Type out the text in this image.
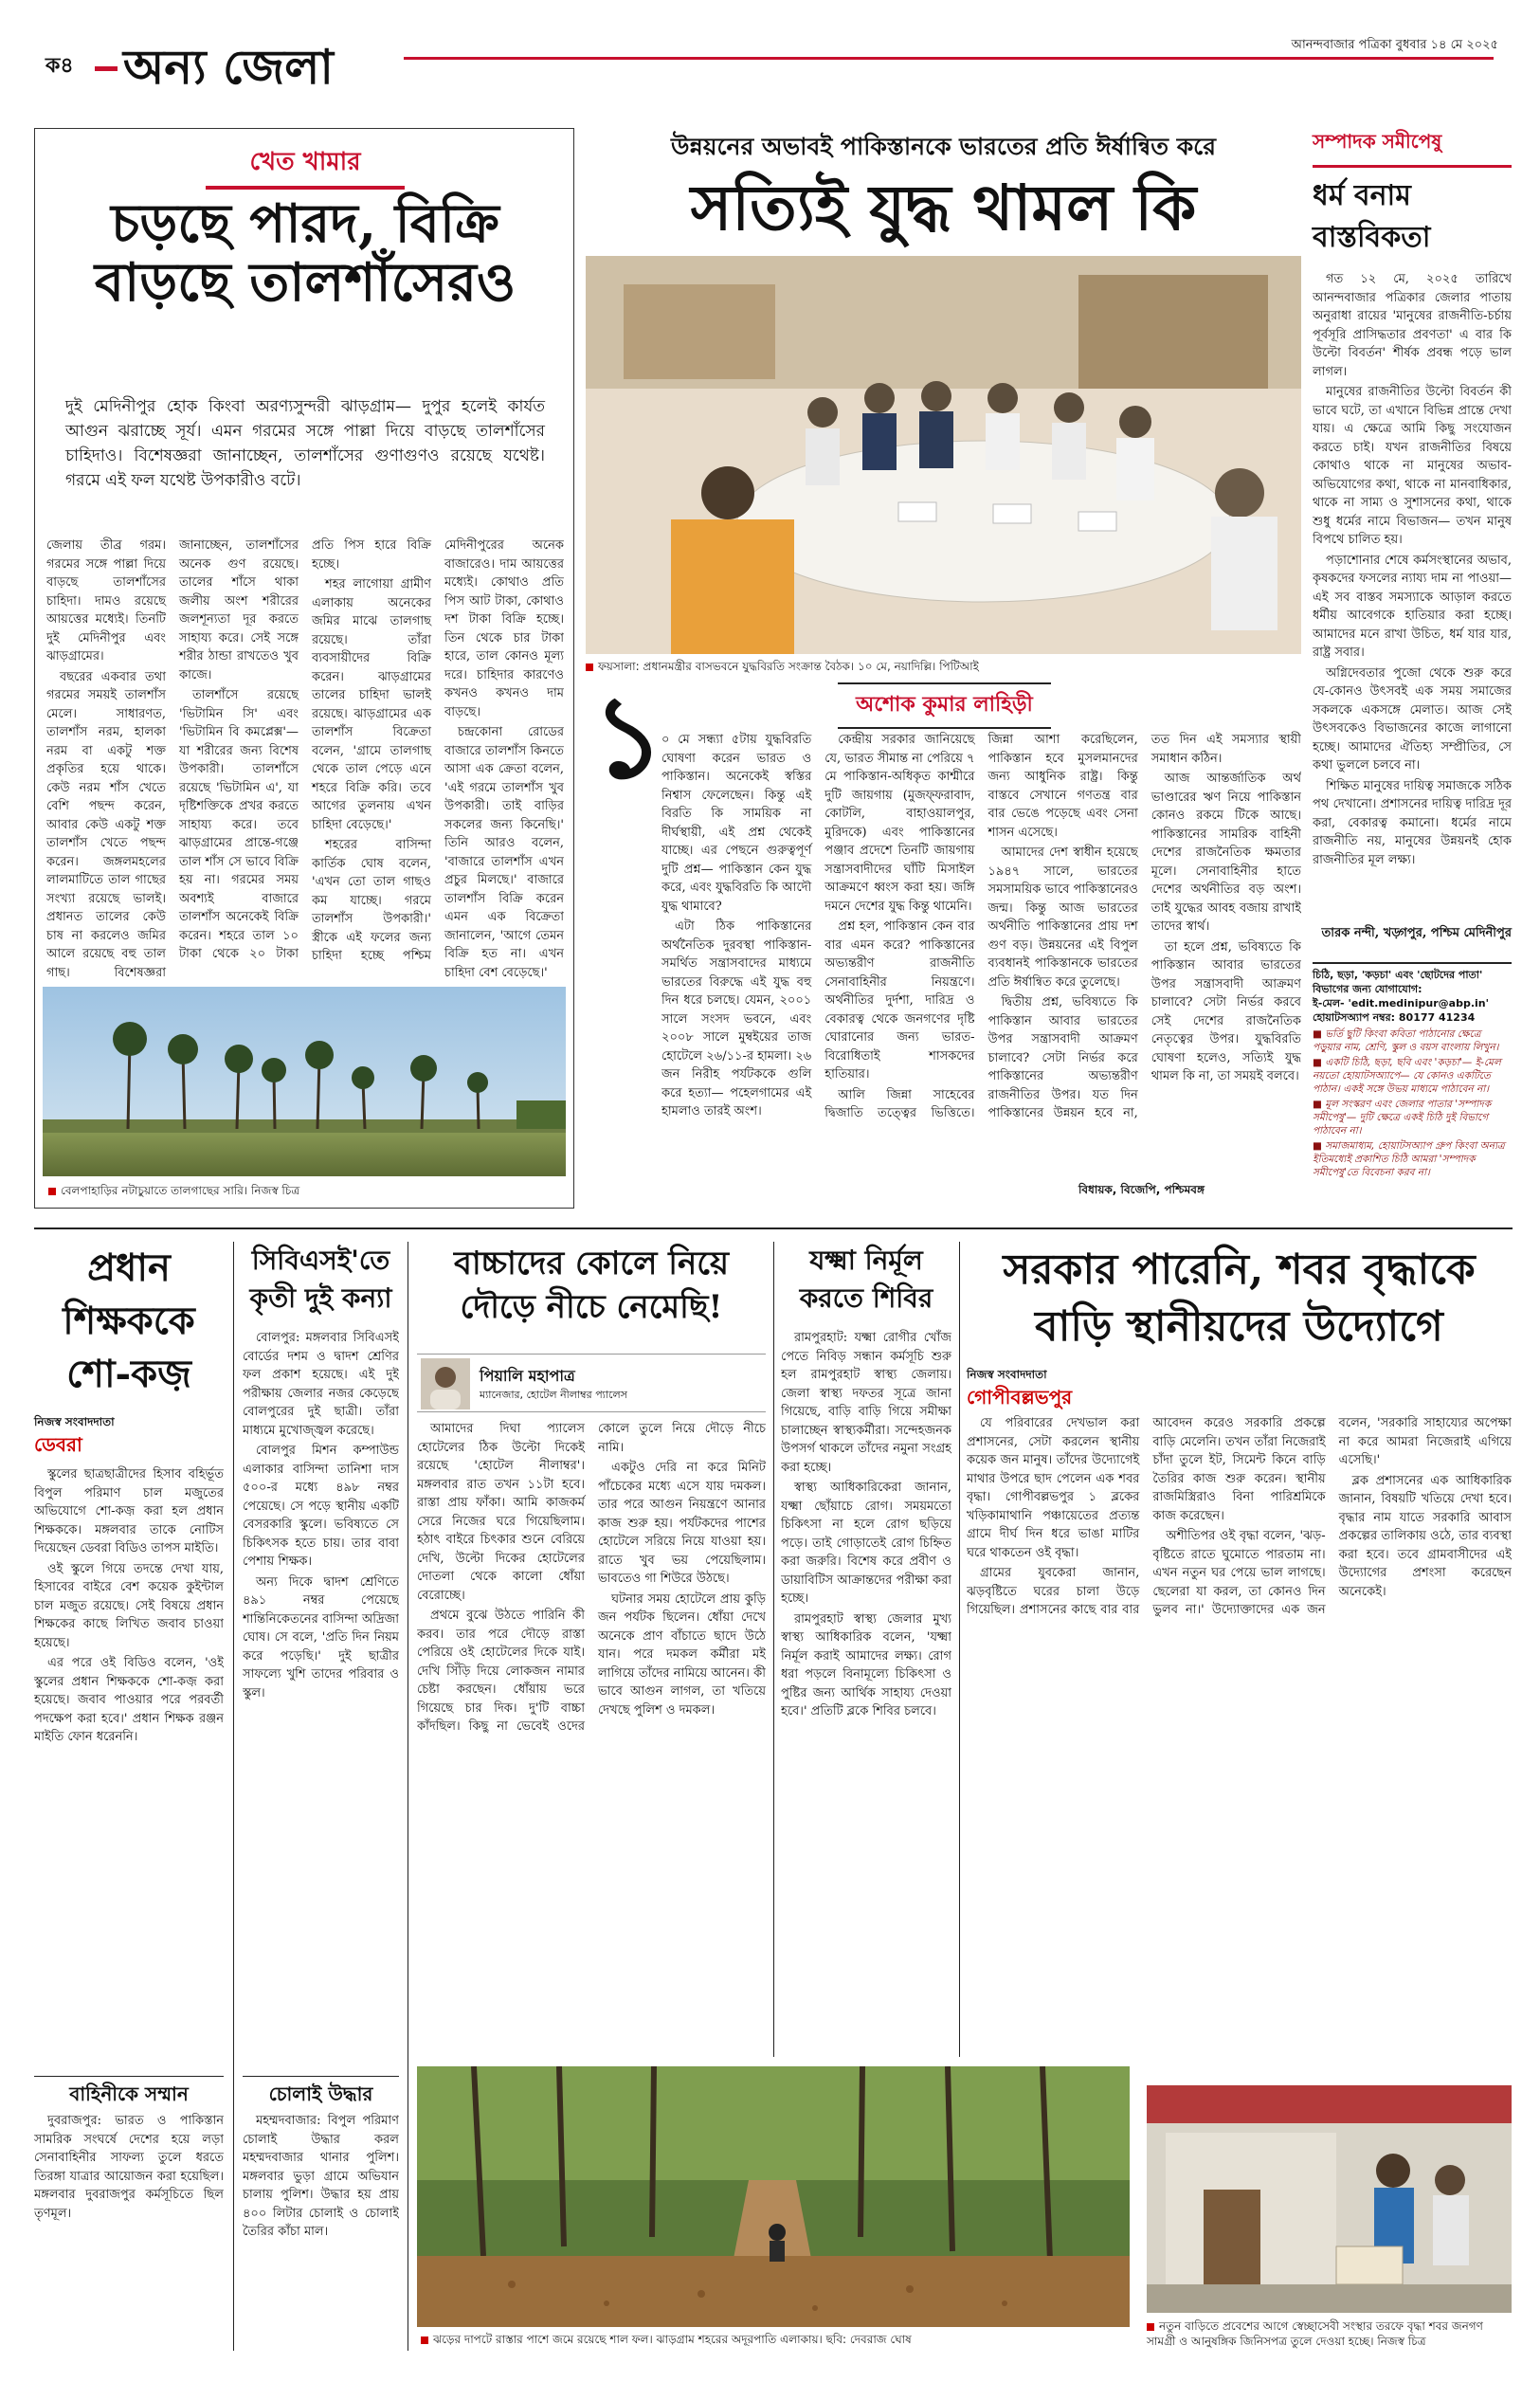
ক৪ অন্য জেলা	আনন্দবাজার পত্রিকা বুধবার ১৪ মে ২০২৫
খেত খামার
চড়ছে পারদ, বিক্রি বাড়ছে তালশাঁসেরও
দুই মেদিনীপুর হোক কিংবা অরণ্যসুন্দরী ঝাড়গ্রাম— দুপুর হলেই কার্যত আগুন ঝরাচ্ছে সূর্য। এমন গরমের সঙ্গে পাল্লা দিয়ে বাড়ছে তালশাঁসের চাহিদাও। বিশেষজ্ঞরা জানাচ্ছেন, তালশাঁসের গুণাগুণও রয়েছে যথেষ্ট। গরমে এই ফল যথেষ্ট উপকারীও বটে।

জেলায় তীব্র গরম। গরমের সঙ্গে পাল্লা দিয়ে বাড়ছে তালশাঁসের চাহিদা। দামও রয়েছে আয়ত্তের মধ্যেই। তিনটি দুই মেদিনীপুর এবং ঝাড়গ্রামের।

বছরের একবার তথা গরমের সময়ই তালশাঁস মেলে। সাধারণত, তালশাঁস নরম, হালকা নরম বা একটু শক্ত প্রকৃতির হয়ে থাকে। কেউ নরম শাঁস খেতে বেশি পছন্দ করেন, আবার কেউ একটু শক্ত তালশাঁস খেতে পছন্দ করেন। জঙ্গলমহলের লালমাটিতে তাল গাছের সংখ্যা রয়েছে ভালই। প্রধানত তালের কেউ চাষ না করলেও জমির আলে রয়েছে বহু তাল গাছ। বিশেষজ্ঞরা জানাচ্ছেন, তালশাঁসের অনেক গুণ রয়েছে। তালের শাঁসে থাকা জলীয় অংশ শরীরের জলশূন্যতা দূর করতে সাহায্য করে। সেই সঙ্গে শরীর ঠান্ডা রাখতেও খুব কাজে।

তালশাঁসে রয়েছে 'ভিটামিন সি' এবং 'ভিটামিন বি কমপ্লেক্স'— যা শরীরের জন্য বিশেষ উপকারী। তালশাঁসে রয়েছে 'ভিটামিন এ', যা দৃষ্টিশক্তিকে প্রখর করতে সাহায্য করে। তবে ঝাড়গ্রামের প্রান্তে-গঞ্জে তাল শাঁস সে ভাবে বিক্রি হয় না। গরমের সময় অবশ্যই বাজারে তালশাঁস অনেকেই বিক্রি করেন। শহরে তাল ১০ টাকা থেকে ২০ টাকা প্রতি পিস হারে বিক্রি হচ্ছে।

শহর লাগোয়া গ্রামীণ এলাকায় অনেকের জমির মাঝে তালগাছ রয়েছে। তাঁরা ব্যবসায়ীদের বিক্রি করেন। ঝাড়গ্রামের তালের চাহিদা ভালই রয়েছে। ঝাড়গ্রামের এক তালশাঁস বিক্রেতা বলেন, 'গ্রামে তালগাছ থেকে তাল পেড়ে এনে শহরে বিক্রি করি। তবে আগের তুলনায় এখন চাহিদা বেড়েছে।'

শহরের বাসিন্দা কার্তিক ঘোষ বলেন, 'এখন তো তাল গাছও কম যাচ্ছে। গরমে তালশাঁস উপকারী।' স্ত্রীকে এই ফলের জন্য চাহিদা হচ্ছে পশ্চিম মেদিনীপুরের অনেক বাজারেও। দাম আয়ত্তের মধ্যেই। কোথাও প্রতি পিস আট টাকা, কোথাও দশ টাকা বিক্রি হচ্ছে। তিন থেকে চার টাকা হারে, তাল কোনও মূল্য দরে। চাহিদার কারণেও কখনও কখনও দাম বাড়ছে।

চন্দ্রকোনা রোডের বাজারে তালশাঁস কিনতে আসা এক ক্রেতা বলেন, 'এই গরমে তালশাঁস খুব উপকারী। তাই বাড়ির সকলের জন্য কিনেছি।' তিনি আরও বলেন, 'বাজারে তালশাঁস এখন প্রচুর মিলছে।' বাজারে তালশাঁস বিক্রি করেন এমন এক বিক্রেতা জানালেন, 'আগে তেমন বিক্রি হত না। এখন চাহিদা বেশ বেড়েছে।'

বেলপাহাড়ির নটাচুয়াতে তালগাছের সারি। নিজস্ব চিত্র
উন্নয়নের অভাবই পাকিস্তানকে ভারতের প্রতি ঈর্ষান্বিত করে
সত্যিই যুদ্ধ থামল কি
ফয়সালা: প্রধানমন্ত্রীর বাসভবনে যুদ্ধবিরতি সংক্রান্ত বৈঠক। ১০ মে, নয়াদিল্লি। পিটিআই
১	অশোক কুমার লাহিড়ী

০ মে সন্ধ্যা ৫টায় যুদ্ধবিরতি ঘোষণা করেন ভারত ও পাকিস্তান। অনেকেই স্বস্তির নিশ্বাস ফেলেছেন। কিন্তু এই বিরতি কি সাময়িক না দীর্ঘস্থায়ী, এই প্রশ্ন থেকেই যাচ্ছে। এর পেছনে গুরুত্বপূর্ণ দুটি প্রশ্ন— পাকিস্তান কেন যুদ্ধ করে, এবং যুদ্ধবিরতি কি আদৌ যুদ্ধ থামাবে?

এটা ঠিক পাকিস্তানের অর্থনৈতিক দুরবস্থা পাকিস্তান-সমর্থিত সন্ত্রাসবাদের মাধ্যমে ভারতের বিরুদ্ধে এই যুদ্ধ বহু দিন ধরে চলছে। যেমন, ২০০১ সালে সংসদ ভবনে, এবং ২০০৮ সালে মুম্বইয়ের তাজ হোটেলে ২৬/১১-র হামলা। ২৬ জন নিরীহ পর্যটককে গুলি করে হত্যা— পহেলগামের এই হামলাও তারই অংশ।

কেন্দ্রীয় সরকার জানিয়েছে যে, ভারত সীমান্ত না পেরিয়ে ৭ মে পাকিস্তান-অধিকৃত কাশ্মীরে দুটি জায়গায় (মুজফ্‌ফরাবাদ, কোটলি, বাহাওয়ালপুর, মুরিদকে) এবং পাকিস্তানের পঞ্জাব প্রদেশে তিনটি জায়গায় সন্ত্রাসবাদীদের ঘাঁটি মিসাইল আক্রমণে ধ্বংস করা হয়। জঙ্গি দমনে দেশের যুদ্ধ কিন্তু থামেনি।

প্রশ্ন হল, পাকিস্তান কেন বার বার এমন করে? পাকিস্তানের অভ্যন্তরীণ রাজনীতি সেনাবাহিনীর নিয়ন্ত্রণে। অর্থনীতির দুর্দশা, দারিদ্র ও বেকারত্ব থেকে জনগণের দৃষ্টি ঘোরানোর জন্য ভারত-বিরোধিতাই শাসকদের হাতিয়ার।

আলি জিন্না সাহেবের দ্বিজাতি তত্ত্বের ভিত্তিতে। জিন্না আশা করেছিলেন, পাকিস্তান হবে মুসলমানদের জন্য আধুনিক রাষ্ট্র। কিন্তু বাস্তবে সেখানে গণতন্ত্র বার বার ভেঙে পড়েছে এবং সেনা শাসন এসেছে।

আমাদের দেশ স্বাধীন হয়েছে ১৯৪৭ সালে, ভারতের সমসাময়িক ভাবে পাকিস্তানেরও জন্ম। কিন্তু আজ ভারতের অর্থনীতি পাকিস্তানের প্রায় দশ গুণ বড়। উন্নয়নের এই বিপুল ব্যবধানই পাকিস্তানকে ভারতের প্রতি ঈর্ষান্বিত করে তুলেছে।

দ্বিতীয় প্রশ্ন, ভবিষ্যতে কি পাকিস্তান আবার ভারতের উপর সন্ত্রাসবাদী আক্রমণ চালাবে? সেটা নির্ভর করে পাকিস্তানের অভ্যন্তরীণ রাজনীতির উপর। যত দিন পাকিস্তানের উন্নয়ন হবে না, তত দিন এই সমস্যার স্থায়ী সমাধান কঠিন।

আজ আন্তর্জাতিক অর্থ ভাণ্ডারের ঋণ নিয়ে পাকিস্তান কোনও রকমে টিকে আছে। পাকিস্তানের সামরিক বাহিনী দেশের রাজনৈতিক ক্ষমতার মূলে। সেনাবাহিনীর হাতে দেশের অর্থনীতির বড় অংশ। তাই যুদ্ধের আবহ বজায় রাখাই তাদের স্বার্থ।

তা হলে প্রশ্ন, ভবিষ্যতে কি পাকিস্তান আবার ভারতের উপর সন্ত্রাসবাদী আক্রমণ চালাবে? সেটা নির্ভর করবে সেই দেশের রাজনৈতিক নেতৃত্বের উপর। যুদ্ধবিরতি ঘোষণা হলেও, সত্যিই যুদ্ধ থামল কি না, তা সময়ই বলবে।

বিধায়ক, বিজেপি, পশ্চিমবঙ্গ
সম্পাদক সমীপেষু
ধর্ম বনাম বাস্তবিকতা

গত ১২ মে, ২০২৫ তারিখে আনন্দবাজার পত্রিকার জেলার পাতায় অনুরাধা রায়ের 'মানুষের রাজনীতি-চর্চায় পূর্বসূরি প্রাসিদ্ধতার প্রবণতা' এ বার কি উল্টো বিবর্তন' শীর্ষক প্রবন্ধ পড়ে ভাল লাগল।

মানুষের রাজনীতির উল্টো বিবর্তন কী ভাবে ঘটে, তা এখানে বিভিন্ন প্রান্তে দেখা যায়। এ ক্ষেত্রে আমি কিছু সংযোজন করতে চাই। যখন রাজনীতির বিষয়ে কোথাও থাকে না মানুষের অভাব-অভিযোগের কথা, থাকে না মানবাধিকার, থাকে না সাম্য ও সুশাসনের কথা, থাকে শুধু ধর্মের নামে বিভাজন— তখন মানুষ বিপথে চালিত হয়।

পড়াশোনার শেষে কর্মসংস্থানের অভাব, কৃষকদের ফসলের ন্যায্য দাম না পাওয়া— এই সব বাস্তব সমস্যাকে আড়াল করতে ধর্মীয় আবেগকে হাতিয়ার করা হচ্ছে। আমাদের মনে রাখা উচিত, ধর্ম যার যার, রাষ্ট্র সবার।

অগ্নিদেবতার পুজো থেকে শুরু করে যে-কোনও উৎসবই এক সময় সমাজের সকলকে একসঙ্গে মেলাত। আজ সেই উৎসবকেও বিভাজনের কাজে লাগানো হচ্ছে। আমাদের ঐতিহ্য সম্প্রীতির, সে কথা ভুললে চলবে না।

শিক্ষিত মানুষের দায়িত্ব সমাজকে সঠিক পথ দেখানো। প্রশাসনের দায়িত্ব দারিদ্র দূর করা, বেকারত্ব কমানো। ধর্মের নামে রাজনীতি নয়, মানুষের উন্নয়নই হোক রাজনীতির মূল লক্ষ্য।

তারক নন্দী, খড়্গপুর, পশ্চিম মেদিনীপুর
চিঠি, ছড়া, 'কড়চা' এবং 'ছোটদের পাতা' বিভাগের জন্য যোগাযোগ:
ই-মেল- 'edit.medinipur@abp.in'
হোয়াটসঅ্যাপ নম্বর: 80177 41234
■ ভর্তি ছুটি কিংবা কবিতা পাঠানোর ক্ষেত্রে পড়ুয়ার নাম, শ্রেণি, স্কুল ও বয়স বাংলায় লিখুন।
■ একটি চিঠি, ছড়া, ছবি এবং 'কড়চা'— ই-মেল নয়তো হোয়াটসঅ্যাপে— যে কোনও একটিতে পাঠান। একই সঙ্গে উভয় মাধ্যমে পাঠাবেন না।
■ মূল সংস্করণ এবং জেলার পাতার 'সম্পাদক সমীপেষু'— দুটি ক্ষেত্রে একই চিঠি দুই বিভাগে পাঠাবেন না।
■ সমাজমাধ্যম, হোয়াটসঅ্যাপ গ্রুপ কিংবা অন্যত্র ইতিমধ্যেই প্রকাশিত চিঠি আমরা 'সম্পাদক সমীপেষু'তে বিবেচনা করব না।
প্রধান শিক্ষককে শো-কজ়
নিজস্ব সংবাদদাতা
ডেবরা

স্কুলের ছাত্রছাত্রীদের হিসাব বহির্ভূত বিপুল পরিমাণ চাল মজুতের অভিযোগে শো-কজ় করা হল প্রধান শিক্ষককে। মঙ্গলবার তাকে নোটিস দিয়েছেন ডেবরা বিডিও তাপস মাইতি।

ওই স্কুলে গিয়ে তদন্তে দেখা যায়, হিসাবের বাইরে বেশ কয়েক কুইন্টাল চাল মজুত রয়েছে। সেই বিষয়ে প্রধান শিক্ষকের কাছে লিখিত জবাব চাওয়া হয়েছে।

এর পরে ওই বিডিও বলেন, 'ওই স্কুলের প্রধান শিক্ষককে শো-কজ় করা হয়েছে। জবাব পাওয়ার পরে পরবর্তী পদক্ষেপ করা হবে।' প্রধান শিক্ষক রঞ্জন মাইতি ফোন ধরেননি।

বাহিনীকে সম্মান

দুবরাজপুর: ভারত ও পাকিস্তান সামরিক সংঘর্ষে দেশের হয়ে লড়া সেনাবাহিনীর সাফল্য তুলে ধরতে তিরঙ্গা যাত্রার আয়োজন করা হয়েছিল। মঙ্গলবার দুবরাজপুর কর্মসূচিতে ছিল তৃণমূল।

সিবিএসই'তে কৃতী দুই কন্যা

বোলপুর: মঙ্গলবার সিবিএসই বোর্ডের দশম ও দ্বাদশ শ্রেণির ফল প্রকাশ হয়েছে। এই দুই পরীক্ষায় জেলার নজর কেড়েছে বোলপুরের দুই ছাত্রী। তাঁরা মাধ্যমে মুখোজ্জ্বল করেছে।

বোলপুর মিশন কম্পাউন্ড এলাকার বাসিন্দা তানিশা দাস ৫০০-র মধ্যে ৪৯৮ নম্বর পেয়েছে। সে পড়ে স্থানীয় একটি বেসরকারি স্কুলে। ভবিষ্যতে সে চিকিৎসক হতে চায়। তার বাবা পেশায় শিক্ষক।

অন্য দিকে দ্বাদশ শ্রেণিতে ৪৯১ নম্বর পেয়েছে শান্তিনিকেতনের বাসিন্দা অদ্রিজা ঘোষ। সে বলে, 'প্রতি দিন নিয়ম করে পড়েছি।' দুই ছাত্রীর সাফল্যে খুশি তাদের পরিবার ও স্কুল।

চোলাই উদ্ধার

মহম্মদবাজার: বিপুল পরিমাণ চোলাই উদ্ধার করল মহম্মদবাজার থানার পুলিশ। মঙ্গলবার ভুড়া গ্রামে অভিযান চালায় পুলিশ। উদ্ধার হয় প্রায় ৪০০ লিটার চোলাই ও চোলাই তৈরির কাঁচা মাল।

বাচ্চাদের কোলে নিয়ে দৌড়ে নীচে নেমেছি!
পিয়ালি মহাপাত্র
ম্যানেজার, হোটেল নীলাম্বর প্যালেস

আমাদের দিঘা প্যালেস হোটেলের ঠিক উল্টো দিকেই রয়েছে 'হোটেল নীলাম্বর'। মঙ্গলবার রাত তখন ১১টা হবে। রাস্তা প্রায় ফাঁকা। আমি কাজকর্ম সেরে নিজের ঘরে গিয়েছিলাম। হঠাৎ বাইরে চিৎকার শুনে বেরিয়ে দেখি, উল্টো দিকের হোটেলের দোতলা থেকে কালো ধোঁয়া বেরোচ্ছে।

প্রথমে বুঝে উঠতে পারিনি কী করব। তার পরে দৌড়ে রাস্তা পেরিয়ে ওই হোটেলের দিকে যাই। দেখি সিঁড়ি দিয়ে লোকজন নামার চেষ্টা করছেন। ধোঁয়ায় ভরে গিয়েছে চার দিক। দু'টি বাচ্চা কাঁদছিল। কিছু না ভেবেই ওদের কোলে তুলে নিয়ে দৌড়ে নীচে নামি।

একটুও দেরি না করে মিনিট পাঁচেকের মধ্যে এসে যায় দমকল। তার পরে আগুন নিয়ন্ত্রণে আনার কাজ শুরু হয়। পর্যটকদের পাশের হোটেলে সরিয়ে নিয়ে যাওয়া হয়। রাতে খুব ভয় পেয়েছিলাম। ভাবতেও গা শিউরে উঠছে।

ঘটনার সময় হোটেলে প্রায় কুড়ি জন পর্যটক ছিলেন। ধোঁয়া দেখে অনেকে প্রাণ বাঁচাতে ছাদে উঠে যান। পরে দমকল কর্মীরা মই লাগিয়ে তাঁদের নামিয়ে আনেন। কী ভাবে আগুন লাগল, তা খতিয়ে দেখছে পুলিশ ও দমকল।

যক্ষ্মা নির্মূল করতে শিবির

রামপুরহাট: যক্ষ্মা রোগীর খোঁজ পেতে নিবিড় সন্ধান কর্মসূচি শুরু হল রামপুরহাট স্বাস্থ্য জেলায়। জেলা স্বাস্থ্য দফতর সূত্রে জানা গিয়েছে, বাড়ি বাড়ি গিয়ে সমীক্ষা চালাচ্ছেন স্বাস্থ্যকর্মীরা। সন্দেহজনক উপসর্গ থাকলে তাঁদের নমুনা সংগ্রহ করা হচ্ছে।

স্বাস্থ্য আধিকারিকেরা জানান, যক্ষ্মা ছোঁয়াচে রোগ। সময়মতো চিকিৎসা না হলে রোগ ছড়িয়ে পড়ে। তাই গোড়াতেই রোগ চিহ্নিত করা জরুরি। বিশেষ করে প্রবীণ ও ডায়াবিটিস আক্রান্তদের পরীক্ষা করা হচ্ছে।

রামপুরহাট স্বাস্থ্য জেলার মুখ্য স্বাস্থ্য আধিকারিক বলেন, 'যক্ষ্মা নির্মূল করাই আমাদের লক্ষ্য। রোগ ধরা পড়লে বিনামূল্যে চিকিৎসা ও পুষ্টির জন্য আর্থিক সাহায্য দেওয়া হবে।' প্রতিটি ব্লকে শিবির চলবে।

ঝড়ের দাপটে রাস্তার পাশে জমে রয়েছে শাল ফল। ঝাড়গ্রাম শহরের অদূরপাতি এলাকায়। ছবি: দেবরাজ ঘোষ
সরকার পারেনি, শবর বৃদ্ধাকে বাড়ি স্থানীয়দের উদ্যোগে
নিজস্ব সংবাদদাতা
গোপীবল্লভপুর

যে পরিবারের দেখভাল করা প্রশাসনের, সেটা করলেন স্থানীয় কয়েক জন মানুষ। তাঁদের উদ্যোগেই মাথার উপরে ছাদ পেলেন এক শবর বৃদ্ধা। গোপীবল্লভপুর ১ ব্লকের খড়িকামাথানি পঞ্চায়েতের প্রত্যন্ত গ্রামে দীর্ঘ দিন ধরে ভাঙা মাটির ঘরে থাকতেন ওই বৃদ্ধা।

গ্রামের যুবকেরা জানান, ঝড়বৃষ্টিতে ঘরের চালা উড়ে গিয়েছিল। প্রশাসনের কাছে বার বার আবেদন করেও সরকারি প্রকল্পে বাড়ি মেলেনি। তখন তাঁরা নিজেরাই চাঁদা তুলে ইট, সিমেন্ট কিনে বাড়ি তৈরির কাজ শুরু করেন। স্থানীয় রাজমিস্ত্রিরাও বিনা পারিশ্রমিকে কাজ করেছেন।

অশীতিপর ওই বৃদ্ধা বলেন, 'ঝড়-বৃষ্টিতে রাতে ঘুমোতে পারতাম না। এখন নতুন ঘর পেয়ে ভাল লাগছে। ছেলেরা যা করল, তা কোনও দিন ভুলব না।' উদ্যোক্তাদের এক জন বলেন, 'সরকারি সাহায্যের অপেক্ষা না করে আমরা নিজেরাই এগিয়ে এসেছি।'

ব্লক প্রশাসনের এক আধিকারিক জানান, বিষয়টি খতিয়ে দেখা হবে। বৃদ্ধার নাম যাতে সরকারি আবাস প্রকল্পের তালিকায় ওঠে, তার ব্যবস্থা করা হবে। তবে গ্রামবাসীদের এই উদ্যোগের প্রশংসা করেছেন অনেকেই।

নতুন বাড়িতে প্রবেশের আগে স্বেচ্ছাসেবী সংস্থার তরফে বৃদ্ধা শবর জনগণ সামগ্রী ও আনুষঙ্গিক জিনিসপত্র তুলে দেওয়া হচ্ছে। নিজস্ব চিত্র
